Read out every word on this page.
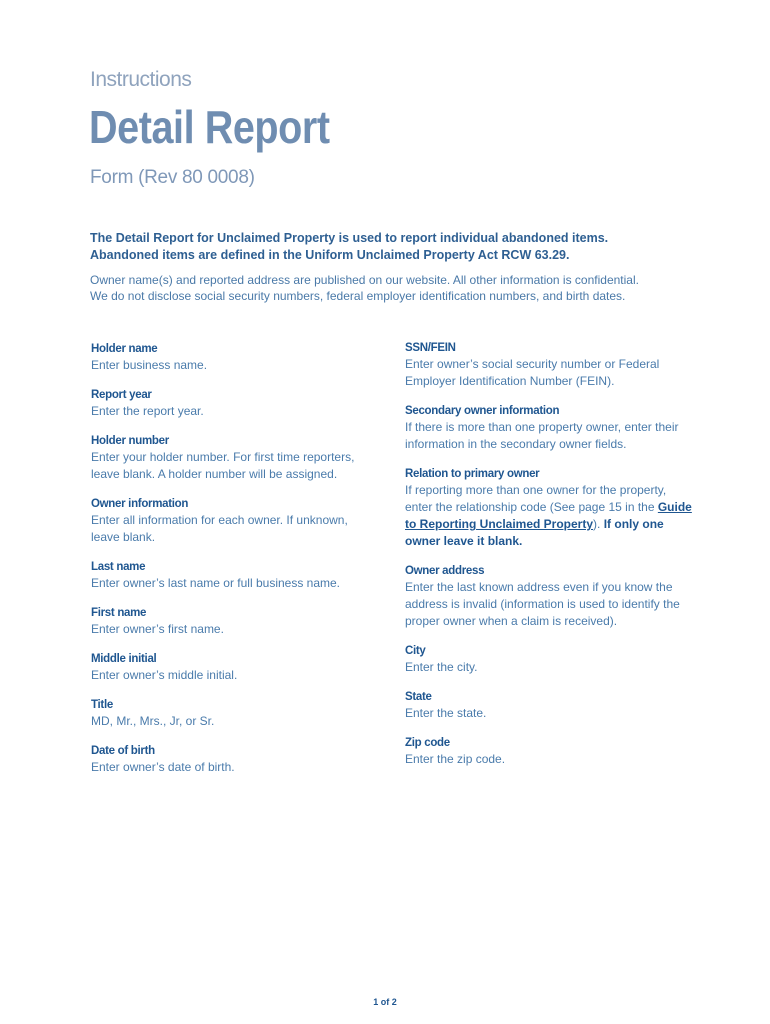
Instructions
Detail Report
Form (Rev 80 0008)
The Detail Report for Unclaimed Property is used to report individual abandoned items. Abandoned items are defined in the Uniform Unclaimed Property Act RCW 63.29.
Owner name(s) and reported address are published on our website. All other information is confidential. We do not disclose social security numbers, federal employer identification numbers, and birth dates.
Holder name
Enter business name.
Report year
Enter the report year.
Holder number
Enter your holder number. For first time reporters, leave blank. A holder number will be assigned.
Owner information
Enter all information for each owner. If unknown, leave blank.
Last name
Enter owner’s last name or full business name.
First name
Enter owner’s first name.
Middle initial
Enter owner’s middle initial.
Title
MD, Mr., Mrs., Jr, or Sr.
Date of birth
Enter owner’s date of birth.
SSN/FEIN
Enter owner’s social security number or Federal Employer Identification Number (FEIN).
Secondary owner information
If there is more than one property owner, enter their information in the secondary owner fields.
Relation to primary owner
If reporting more than one owner for the property, enter the relationship code (See page 15 in the Guide to Reporting Unclaimed Property). If only one owner leave it blank.
Owner address
Enter the last known address even if you know the address is invalid (information is used to identify the proper owner when a claim is received).
City
Enter the city.
State
Enter the state.
Zip code
Enter the zip code.
1 of 2
